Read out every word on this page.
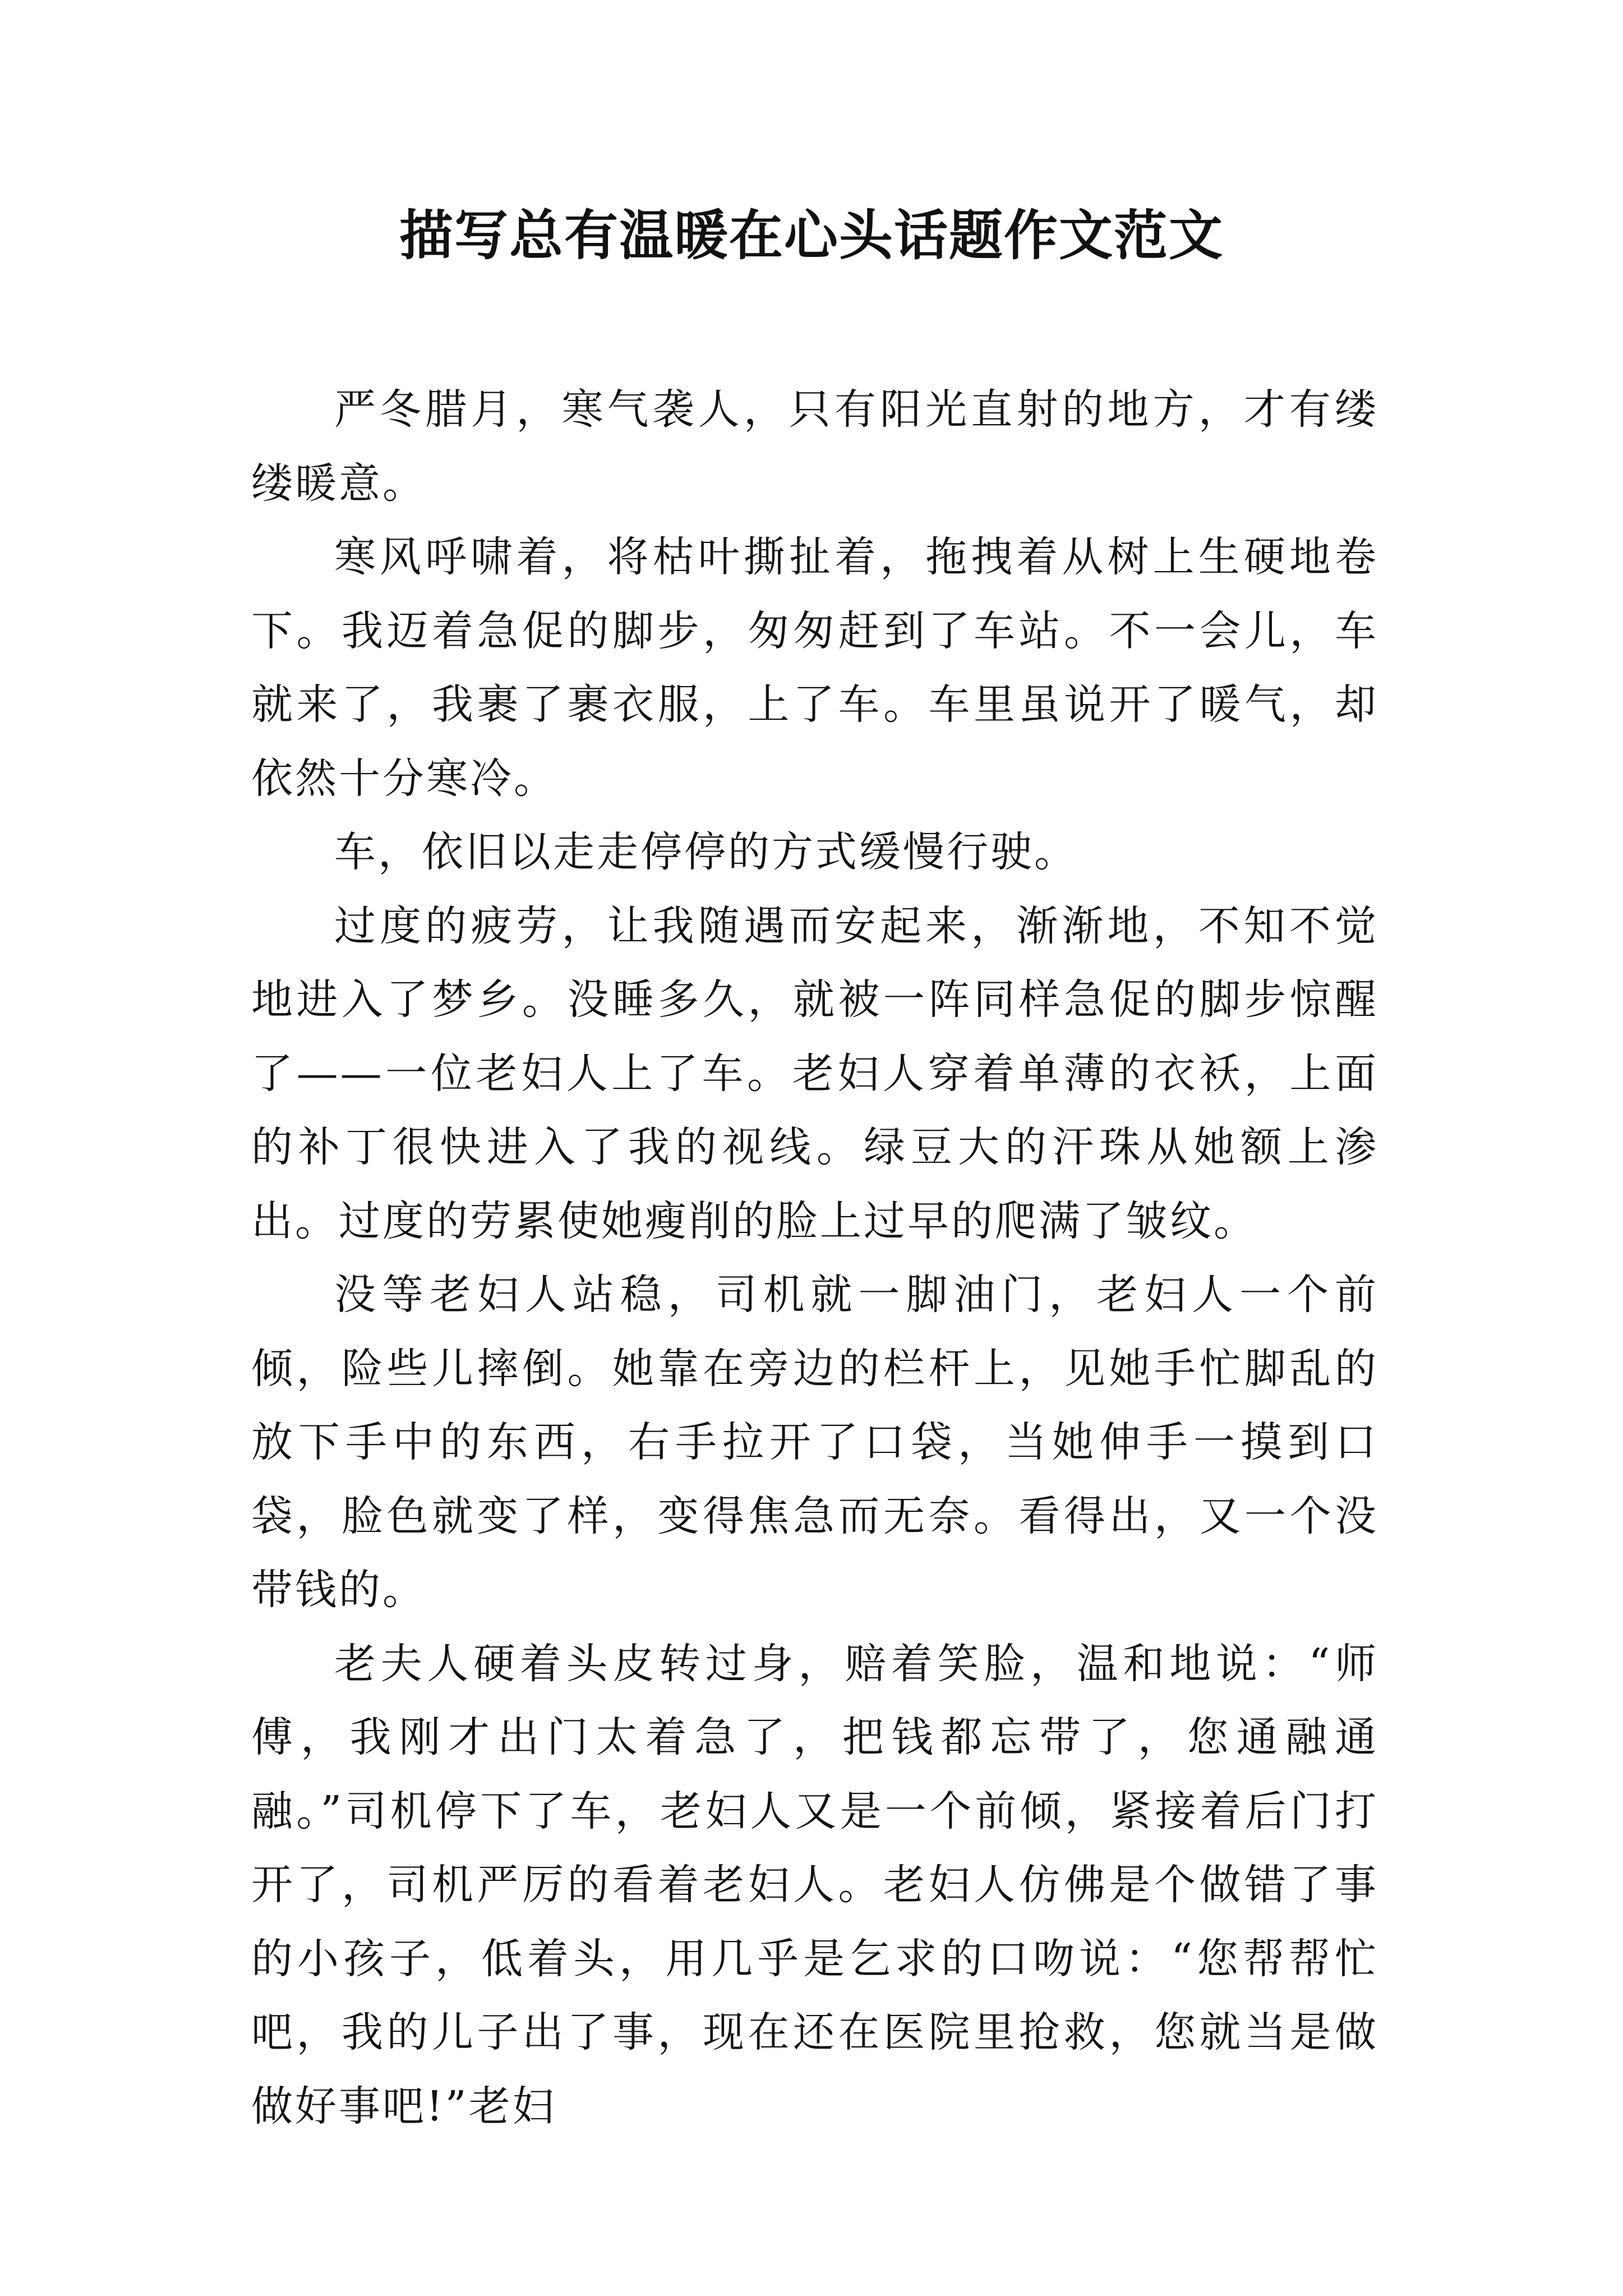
描写总有温暖在心头话题作文范文

严冬腊月，寒气袭人，只有阳光直射的地方，才有缕缕暖意。

寒风呼啸着，将枯叶撕扯着，拖拽着从树上生硬地卷下。我迈着急促的脚步，匆匆赶到了车站。不一会儿，车就来了，我裹了裹衣服，上了车。车里虽说开了暖气，却依然十分寒冷。

车，依旧以走走停停的方式缓慢行驶。

过度的疲劳，让我随遇而安起来，渐渐地，不知不觉地进入了梦乡。没睡多久，就被一阵同样急促的脚步惊醒了——一位老妇人上了车。老妇人穿着单薄的衣袄，上面的补丁很快进入了我的视线。绿豆大的汗珠从她额上渗出。过度的劳累使她瘦削的脸上过早的爬满了皱纹。

没等老妇人站稳，司机就一脚油门，老妇人一个前倾，险些儿摔倒。她靠在旁边的栏杆上，见她手忙脚乱的放下手中的东西，右手拉开了口袋，当她伸手一摸到口袋，脸色就变了样，变得焦急而无奈。看得出，又一个没带钱的。

老夫人硬着头皮转过身，赔着笑脸，温和地说：“师傅，我刚才出门太着急了，把钱都忘带了，您通融通融。”司机停下了车，老妇人又是一个前倾，紧接着后门打开了，司机严厉的看着老妇人。老妇人仿佛是个做错了事的小孩子，低着头，用几乎是乞求的口吻说：“您帮帮忙吧，我的儿子出了事，现在还在医院里抢救，您就当是做做好事吧!”老妇
